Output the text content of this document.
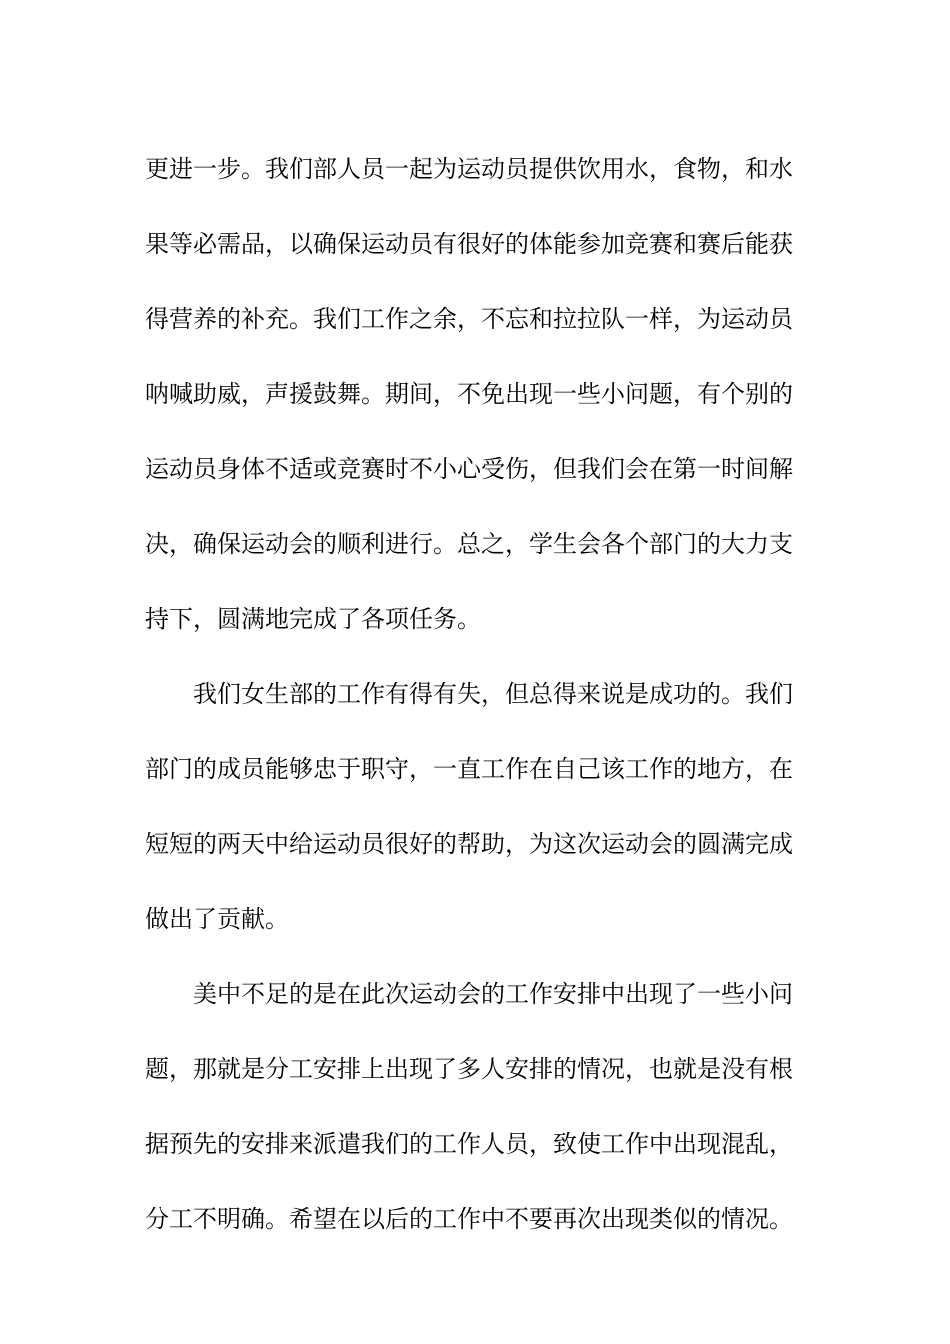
更进一步。我们部人员一起为运动员提供饮用水，食物，和水
果等必需品，以确保运动员有很好的体能参加竞赛和赛后能获
得营养的补充。我们工作之余，不忘和拉拉队一样，为运动员
呐喊助威，声援鼓舞。期间，不免出现一些小问题，有个别的
运动员身体不适或竞赛时不小心受伤，但我们会在第一时间解
决，确保运动会的顺利进行。总之，学生会各个部门的大力支
持下，圆满地完成了各项任务。
我们女生部的工作有得有失，但总得来说是成功的。我们
部门的成员能够忠于职守，一直工作在自己该工作的地方，在
短短的两天中给运动员很好的帮助，为这次运动会的圆满完成
做出了贡献。
美中不足的是在此次运动会的工作安排中出现了一些小问
题，那就是分工安排上出现了多人安排的情况，也就是没有根
据预先的安排来派遣我们的工作人员，致使工作中出现混乱，
分工不明确。希望在以后的工作中不要再次出现类似的情况。
